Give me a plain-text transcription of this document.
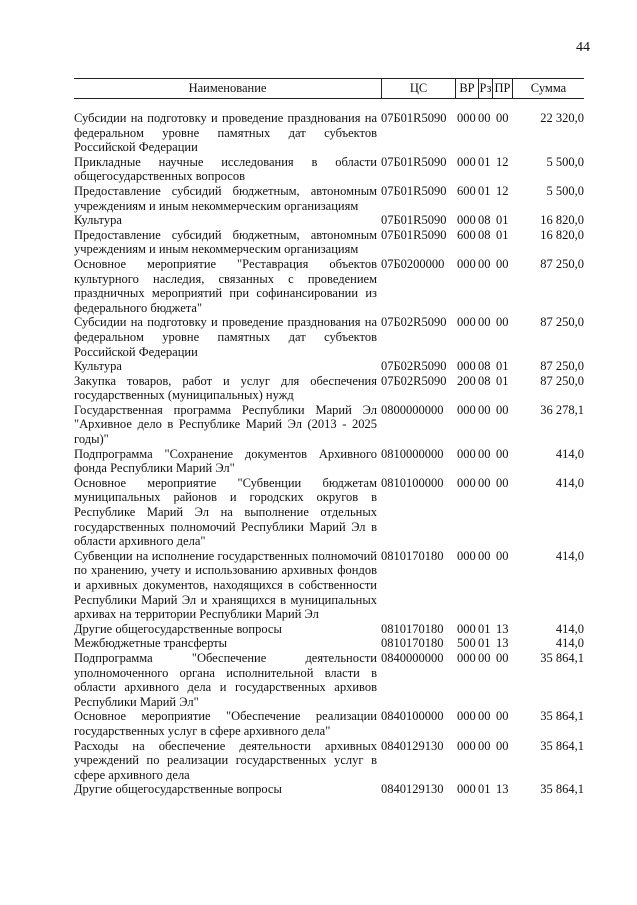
44
Наименование	ЦС	ВР Рз ПР	Сумма
Субсидии на подготовку и проведение празднования на федеральном уровне памятных дат субъектов Российской Федерации
07Б01R5090 000 00 00	22 320,0
Прикладные научные исследования в области общегосударственных вопросов
07Б01R5090 000 01 12	5 500,0
Предоставление субсидий бюджетным, автономным учреждениям и иным некоммерческим организациям
07Б01R5090 600 01 12	5 500,0
Культура	07Б01R5090 000 08 01	16 820,0
Предоставление субсидий бюджетным, автономным учреждениям и иным некоммерческим организациям
07Б01R5090 600 08 01	16 820,0
Основное мероприятие "Реставрация объектов культурного наследия, связанных с проведением праздничных мероприятий при софинансировании из федерального бюджета"
07Б0200000	000 00 00	87 250,0
Субсидии на подготовку и проведение празднования на федеральном уровне памятных дат субъектов Российской Федерации
07Б02R5090 000 00 00	87 250,0
Культура	07Б02R5090 000 08 01	87 250,0
Закупка товаров, работ и услуг для обеспечения государственных (муниципальных) нужд
07Б02R5090 200 08 01	87 250,0
Государственная программа Республики Марий Эл "Архивное дело в Республике Марий Эл (2013 - 2025 годы)"
0800000000	000 00 00	36 278,1
Подпрограмма "Сохранение документов Архивного фонда Республики Марий Эл"
0810000000	000 00 00	414,0
Основное мероприятие "Субвенции бюджетам муниципальных районов и городских округов в Республике Марий Эл на выполнение отдельных государственных полномочий Республики Марий Эл в области архивного дела"
0810100000	000 00 00	414,0
Субвенции на исполнение государственных полномочий по хранению, учету и использованию архивных фондов и архивных документов, находящихся в собственности Республики Марий Эл и хранящихся в муниципальных архивах на территории Республики Марий Эл
0810170180	000 00 00	414,0
Другие общегосударственные вопросы	0810170180	000 01 13	414,0
Межбюджетные трансферты	0810170180	500 01 13	414,0
Подпрограмма "Обеспечение деятельности уполномоченного органа исполнительной власти в области архивного дела и государственных архивов Республики Марий Эл"
0840000000	000 00 00	35 864,1
Основное мероприятие "Обеспечение реализации государственных услуг в сфере архивного дела"
0840100000	000 00 00	35 864,1
Расходы на обеспечение деятельности архивных учреждений по реализации государственных услуг в сфере архивного дела
0840129130	000 00 00	35 864,1
Другие общегосударственные вопросы	0840129130	000 01 13	35 864,1
